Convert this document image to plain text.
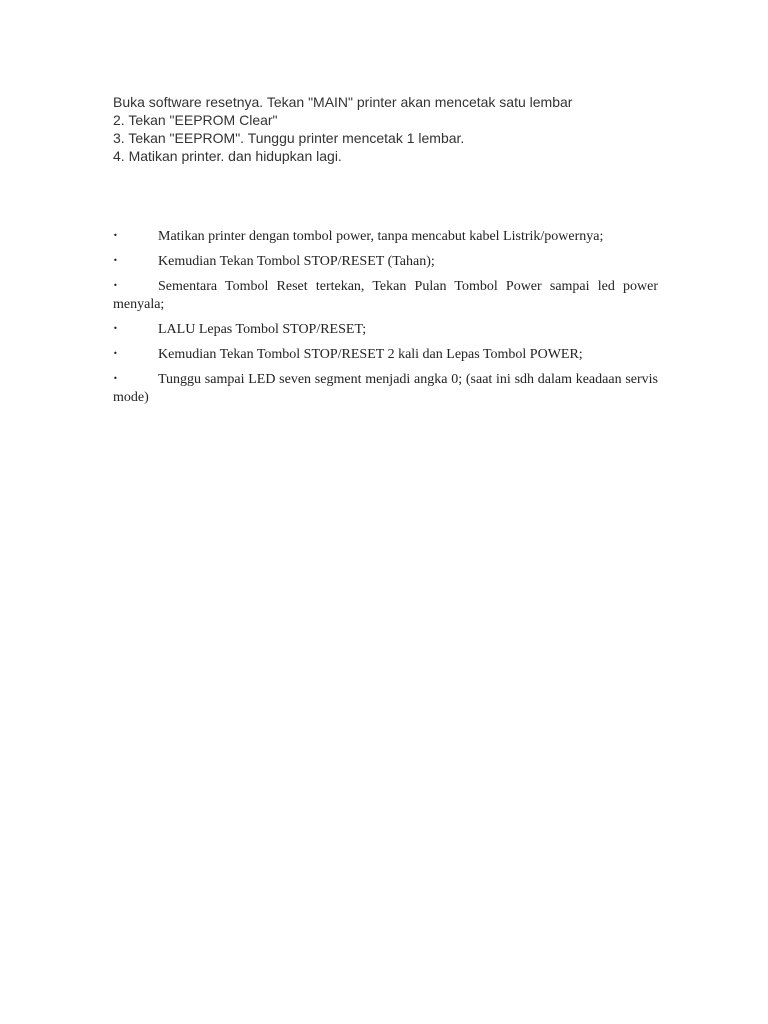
Buka software resetnya. Tekan "MAIN" printer akan mencetak satu lembar
2. Tekan "EEPROM Clear"
3. Tekan "EEPROM". Tunggu printer mencetak 1 lembar.
4. Matikan printer. dan hidupkan lagi.
•	Matikan printer dengan tombol power, tanpa mencabut kabel Listrik/powernya;
•	Kemudian Tekan Tombol STOP/RESET (Tahan);
•	Sementara Tombol Reset tertekan, Tekan Pulan Tombol Power sampai led power menyala;
•	LALU Lepas Tombol STOP/RESET;
•	Kemudian Tekan Tombol STOP/RESET 2 kali dan Lepas Tombol POWER;
•	Tunggu sampai LED seven segment menjadi angka 0; (saat ini sdh dalam keadaan servis mode)
